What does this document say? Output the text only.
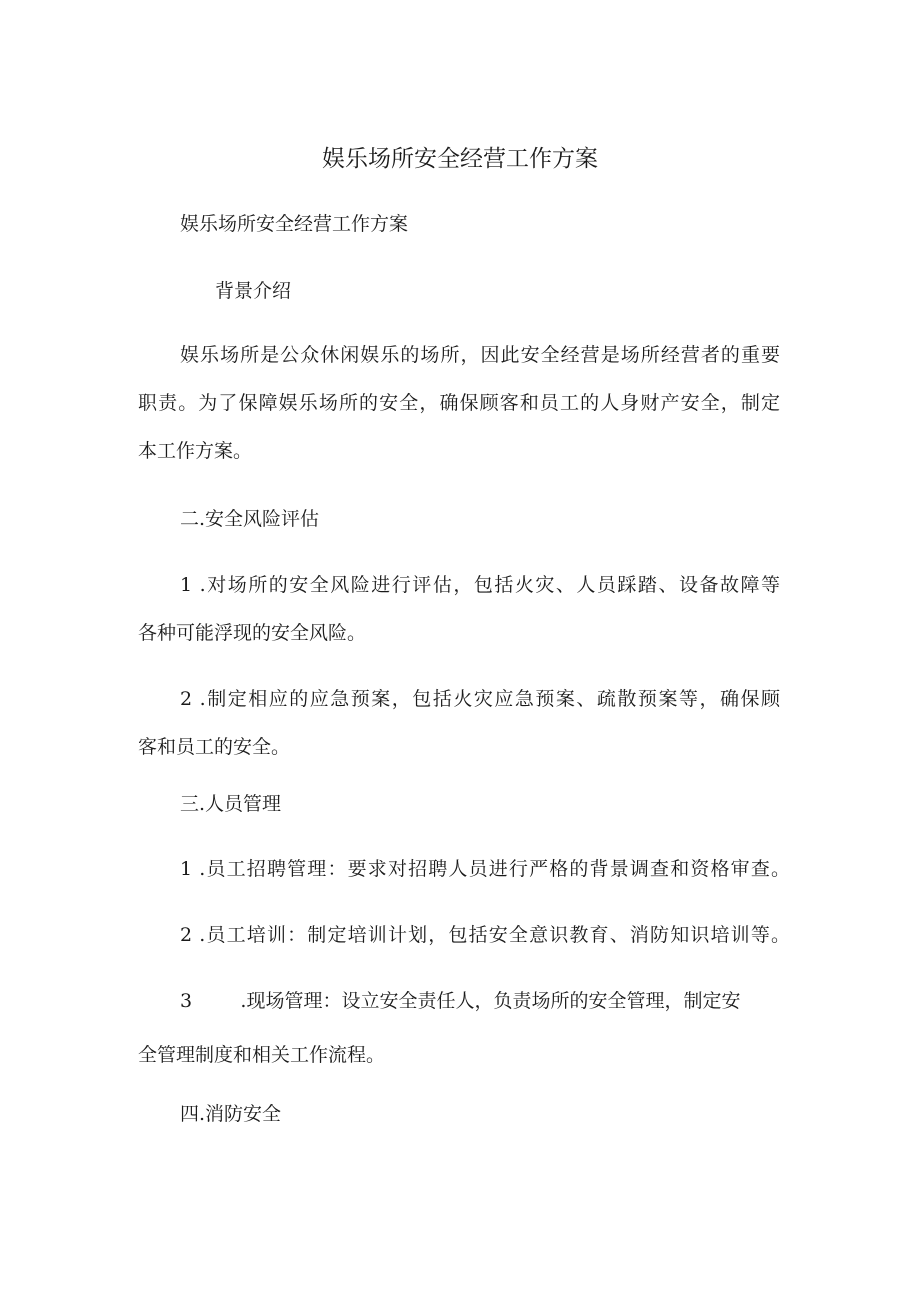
娱乐场所安全经营工作方案

娱乐场所安全经营工作方案

背景介绍

娱乐场所是公众休闲娱乐的场所，因此安全经营是场所经营者的重要

职责。为了保障娱乐场所的安全，确保顾客和员工的人身财产安全，制定

本工作方案。

二.安全风险评估

1 .对场所的安全风险进行评估，包括火灾、人员踩踏、设备故障等

各种可能浮现的安全风险。

2 .制定相应的应急预案，包括火灾应急预案、疏散预案等，确保顾

客和员工的安全。

三.人员管理

1 .员工招聘管理：要求对招聘人员进行严格的背景调查和资格审查。

2 .员工培训：制定培训计划，包括安全意识教育、消防知识培训等。

3        .现场管理：设立安全责任人，负责场所的安全管理，制定安

全管理制度和相关工作流程。

四.消防安全
